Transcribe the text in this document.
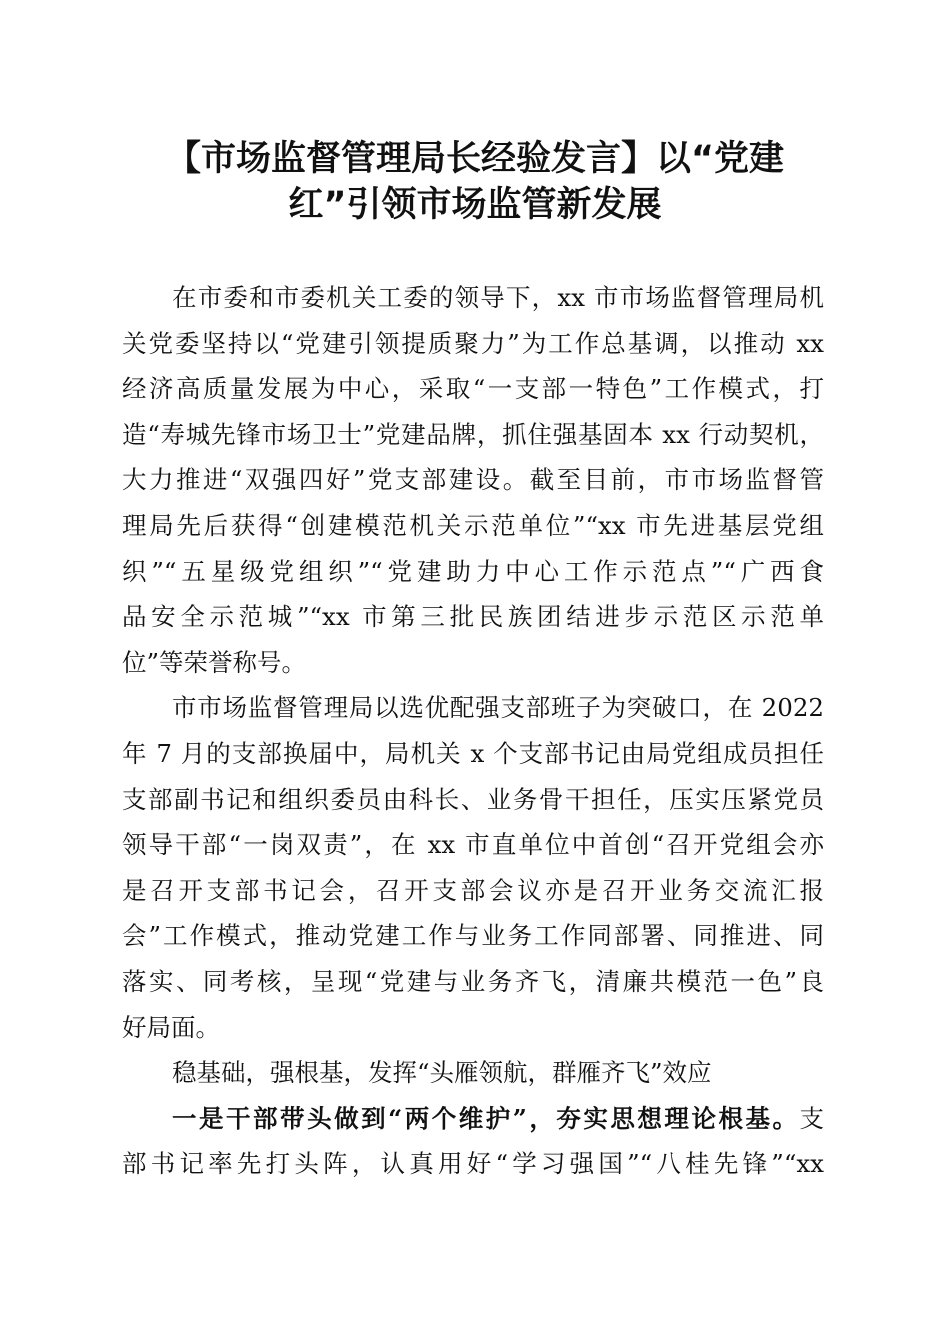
【市场监督管理局长经验发言】以“党建
红”引领市场监管新发展
在市委和市委机关工委的领导下，xx 市市场监督管理局机
关党委坚持以“党建引领提质聚力”为工作总基调，以推动 xx
经济高质量发展为中心，采取“一支部一特色”工作模式，打
造“寿城先锋市场卫士”党建品牌，抓住强基固本 xx 行动契机，
大力推进“双强四好”党支部建设。截至目前，市市场监督管
理局先后获得“创建模范机关示范单位”“xx 市先进基层党组
织”“五星级党组织”“党建助力中心工作示范点”“广西食
品安全示范城”“xx 市第三批民族团结进步示范区示范单
位”等荣誉称号。
市市场监督管理局以选优配强支部班子为突破口，在 2022
年 7 月的支部换届中，局机关 x 个支部书记由局党组成员担任
支部副书记和组织委员由科长、业务骨干担任，压实压紧党员
领导干部“一岗双责”，在 xx 市直单位中首创“召开党组会亦
是召开支部书记会，召开支部会议亦是召开业务交流汇报
会”工作模式，推动党建工作与业务工作同部署、同推进、同
落实、同考核，呈现“党建与业务齐飞，清廉共模范一色”良
好局面。
稳基础，强根基，发挥“头雁领航，群雁齐飞”效应
一是干部带头做到“两个维护”，夯实思想理论根基。支
部书记率先打头阵，认真用好“学习强国”“八桂先锋”“xx
